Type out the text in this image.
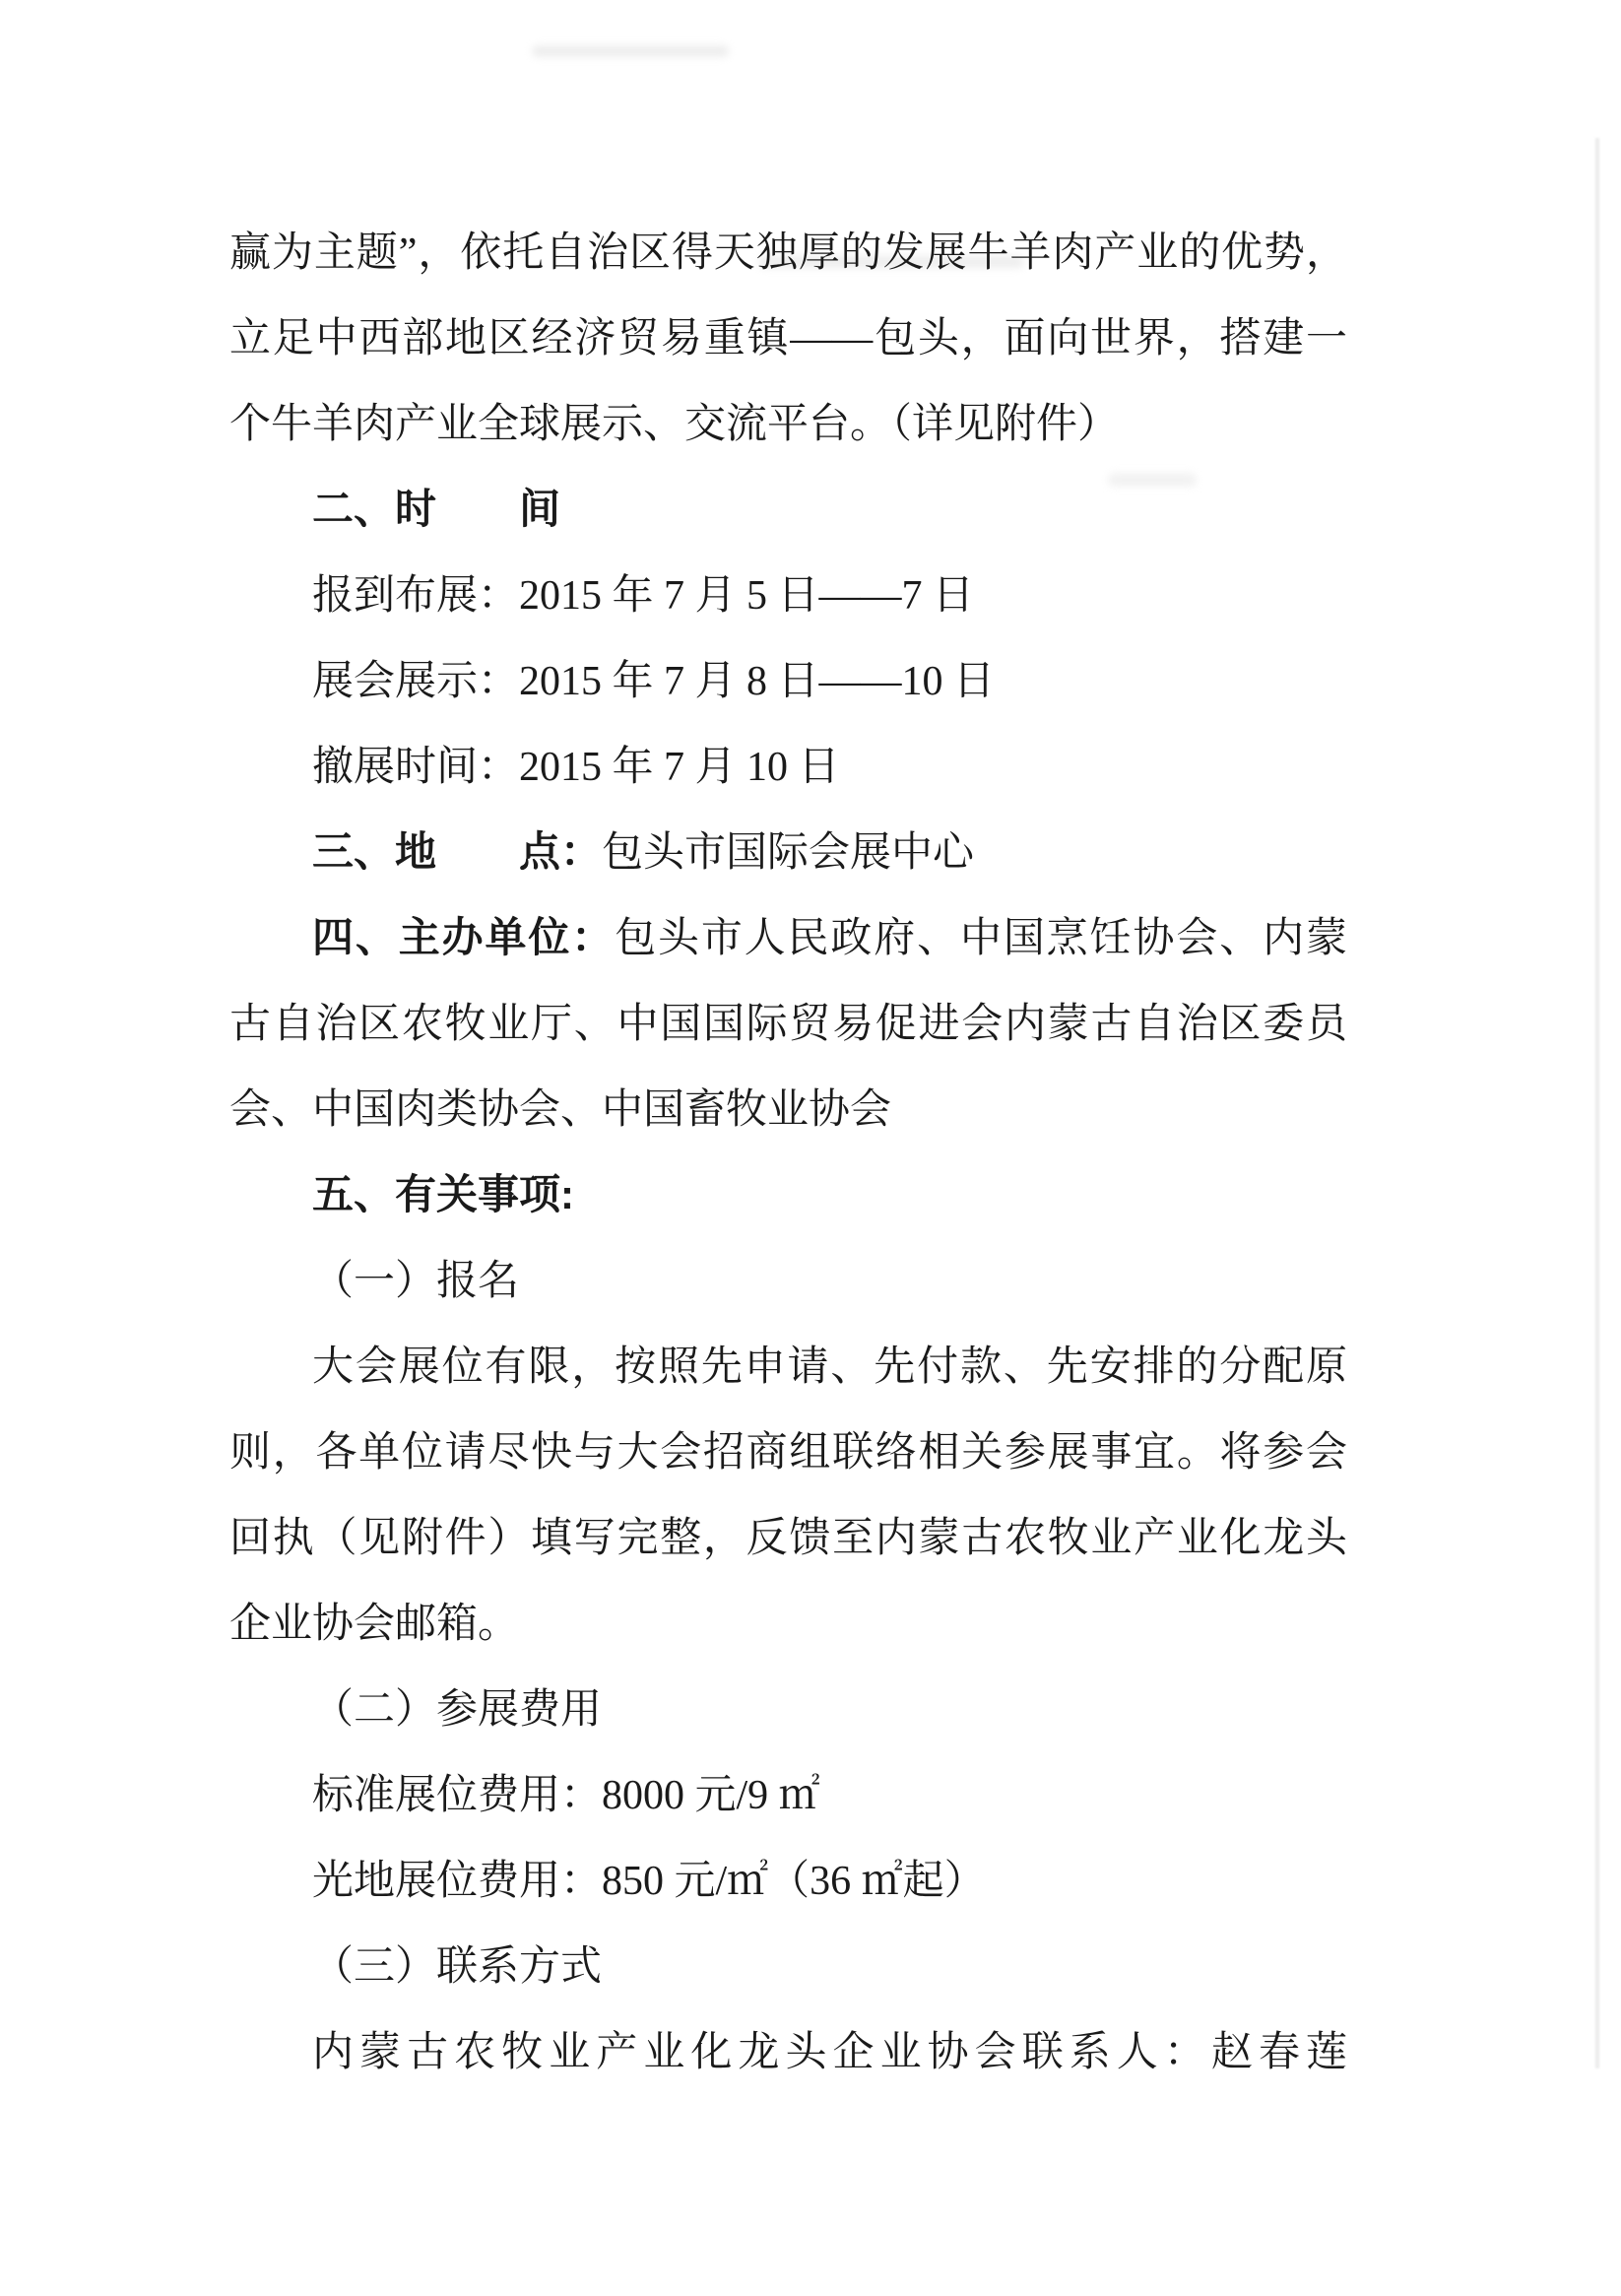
赢为主题”，依托自治区得天独厚的发展牛羊肉产业的优势，

立足中西部地区经济贸易重镇——包头，面向世界，搭建一

个牛羊肉产业全球展示、交流平台。（详见附件）

二、时　　间

报到布展：2015 年 7 月 5 日——7 日

展会展示：2015 年 7 月 8 日——10 日

撤展时间：2015 年 7 月 10 日

三、地　　点：包头市国际会展中心

四、主办单位：包头市人民政府、中国烹饪协会、内蒙

古自治区农牧业厅、中国国际贸易促进会内蒙古自治区委员

会、中国肉类协会、中国畜牧业协会

五、有关事项:

（一）报名

大会展位有限，按照先申请、先付款、先安排的分配原

则，各单位请尽快与大会招商组联络相关参展事宜。将参会

回执（见附件）填写完整，反馈至内蒙古农牧业产业化龙头

企业协会邮箱。

（二）参展费用

标准展位费用：8000 元/9 ㎡

光地展位费用：850 元/㎡（36 ㎡起）

（三）联系方式

内蒙古农牧业产业化龙头企业协会联系人：赵春莲
